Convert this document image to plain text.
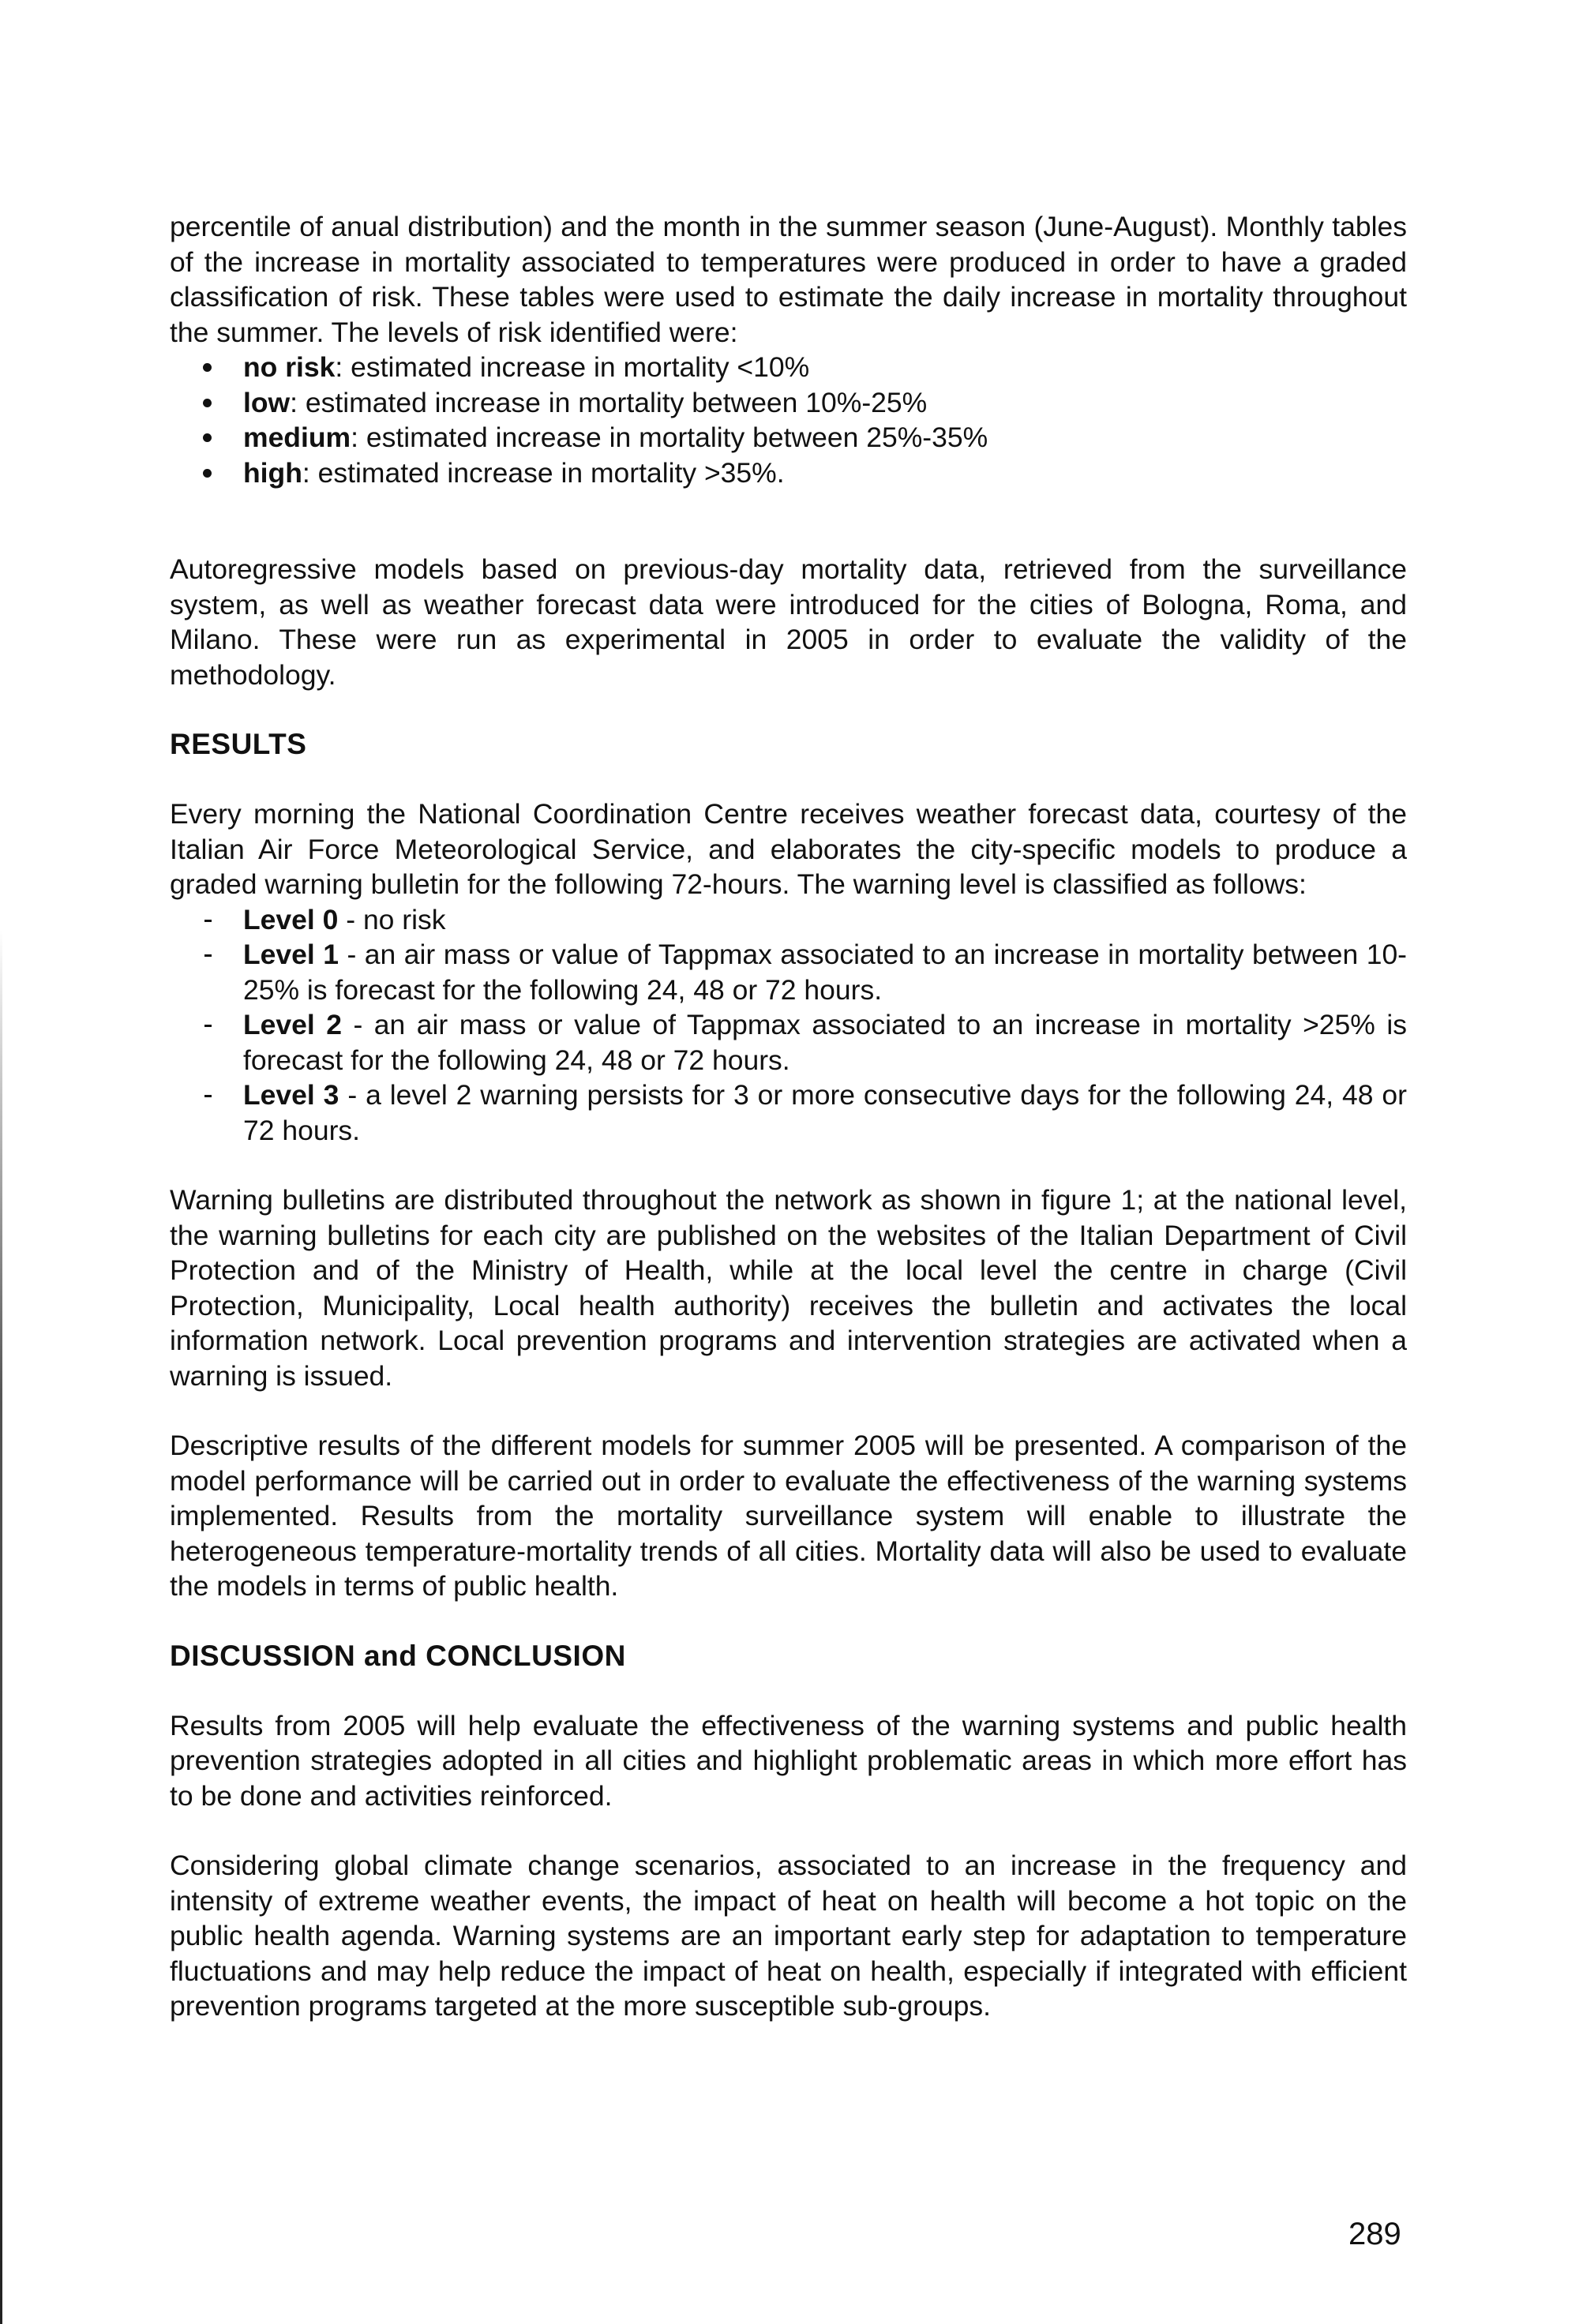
percentile of anual distribution) and the month in the summer season (June-August). Monthly tables of the increase in mortality associated to temperatures were produced in order to have a graded classification of risk. These tables were used to estimate the daily increase in mortality throughout the summer. The levels of risk identified were:

no risk: estimated increase in mortality <10%
low: estimated increase in mortality between 10%-25%
medium: estimated increase in mortality between 25%-35%
high: estimated increase in mortality >35%.

Autoregressive models based on previous-day mortality data, retrieved from the surveillance system, as well as weather forecast data were introduced for the cities of Bologna, Roma, and Milano. These were run as experimental in 2005 in order to evaluate the validity of the methodology.

RESULTS

Every morning the National Coordination Centre receives weather forecast data, courtesy of the Italian Air Force Meteorological Service, and elaborates the city-specific models to produce a graded warning bulletin for the following 72-hours. The warning level is classified as follows:

Level 0 - no risk
Level 1 - an air mass or value of Tappmax associated to an increase in mortality between 10-25% is forecast for the following 24, 48 or 72 hours.
Level 2 - an air mass or value of Tappmax associated to an increase in mortality >25% is forecast for the following 24, 48 or 72 hours.
Level 3 - a level 2 warning persists for 3 or more consecutive days for the following 24, 48 or 72 hours.

Warning bulletins are distributed throughout the network as shown in figure 1; at the national level, the warning bulletins for each city are published on the websites of the Italian Department of Civil Protection and of the Ministry of Health, while at the local level the centre in charge (Civil Protection, Municipality, Local health authority) receives the bulletin and activates the local information network. Local prevention programs and intervention strategies are activated when a warning is issued.

Descriptive results of the different models for summer 2005 will be presented. A comparison of the model performance will be carried out in order to evaluate the effectiveness of the warning systems implemented. Results from the mortality surveillance system will enable to illustrate the heterogeneous temperature-mortality trends of all cities. Mortality data will also be used to evaluate the models in terms of public health.

DISCUSSION and CONCLUSION

Results from 2005 will help evaluate the effectiveness of the warning systems and public health prevention strategies adopted in all cities and highlight problematic areas in which more effort has to be done and activities reinforced.

Considering global climate change scenarios, associated to an increase in the frequency and intensity of extreme weather events, the impact of heat on health will become a hot topic on the public health agenda. Warning systems are an important early step for adaptation to temperature fluctuations and may help reduce the impact of heat on health, especially if integrated with efficient prevention programs targeted at the more susceptible sub-groups.

289
